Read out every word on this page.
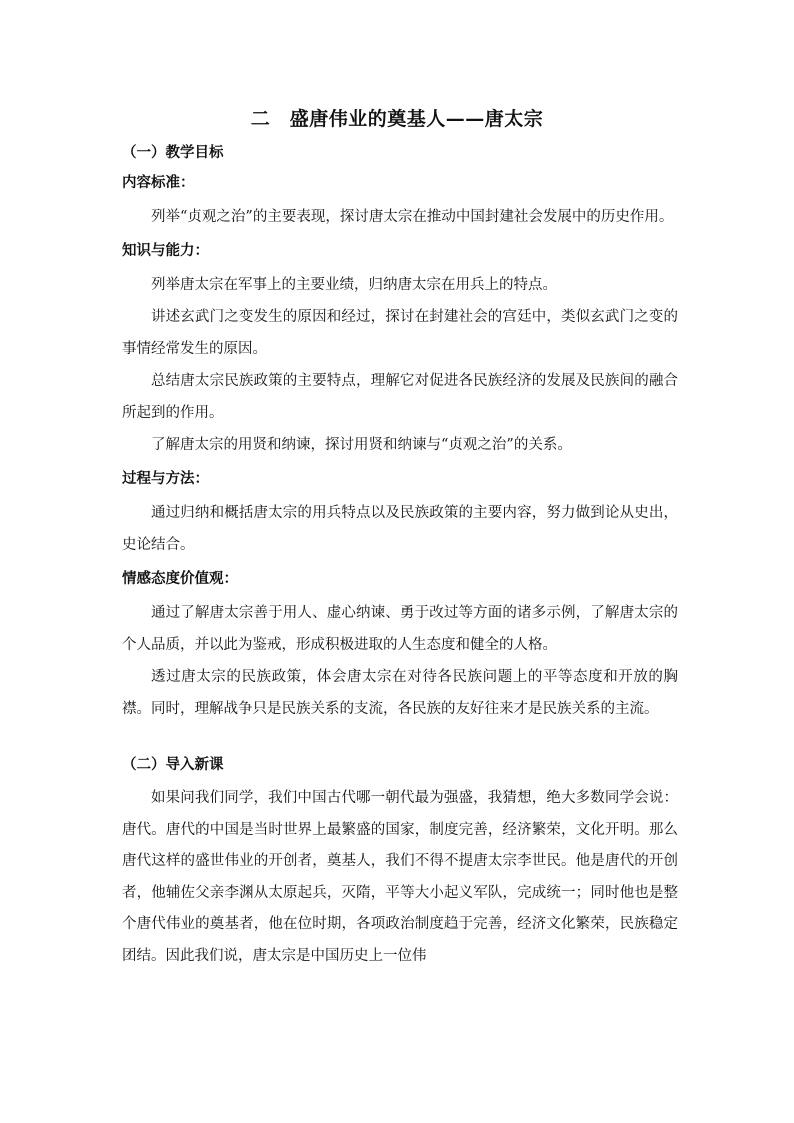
二　盛唐伟业的奠基人——唐太宗
（一）教学目标
内容标准：

列举“贞观之治”的主要表现，探讨唐太宗在推动中国封建社会发展中的历史作用。

知识与能力：

列举唐太宗在军事上的主要业绩，归纳唐太宗在用兵上的特点。

讲述玄武门之变发生的原因和经过，探讨在封建社会的宫廷中，类似玄武门之变的事情经常发生的原因。

总结唐太宗民族政策的主要特点，理解它对促进各民族经济的发展及民族间的融合所起到的作用。

了解唐太宗的用贤和纳谏，探讨用贤和纳谏与“贞观之治”的关系。

过程与方法：

通过归纳和概括唐太宗的用兵特点以及民族政策的主要内容，努力做到论从史出，史论结合。

情感态度价值观：

通过了解唐太宗善于用人、虚心纳谏、勇于改过等方面的诸多示例，了解唐太宗的个人品质，并以此为鉴戒，形成积极进取的人生态度和健全的人格。

透过唐太宗的民族政策，体会唐太宗在对待各民族问题上的平等态度和开放的胸襟。同时，理解战争只是民族关系的支流，各民族的友好往来才是民族关系的主流。

（二）导入新课

如果问我们同学，我们中国古代哪一朝代最为强盛，我猜想，绝大多数同学会说：唐代。唐代的中国是当时世界上最繁盛的国家，制度完善，经济繁荣，文化开明。那么唐代这样的盛世伟业的开创者，奠基人，我们不得不提唐太宗李世民。他是唐代的开创者，他辅佐父亲李渊从太原起兵，灭隋，平等大小起义军队，完成统一；同时他也是整个唐代伟业的奠基者，他在位时期，各项政治制度趋于完善，经济文化繁荣，民族稳定团结。因此我们说，唐太宗是中国历史上一位伟
